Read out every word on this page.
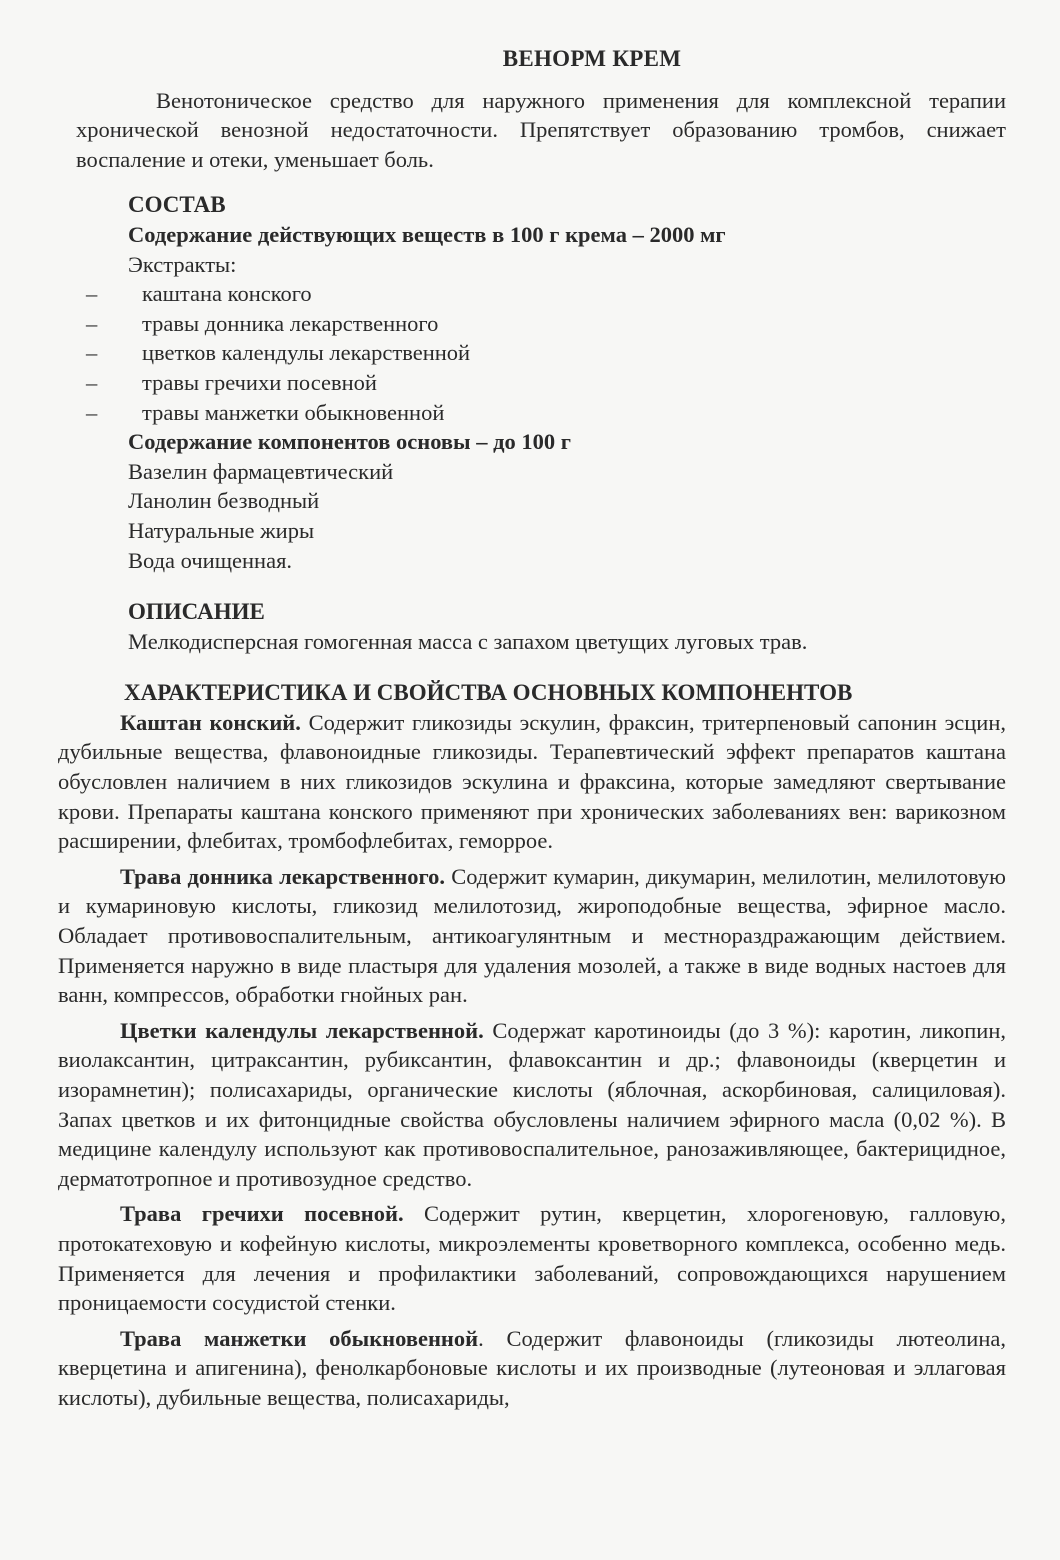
ВЕНОРМ КРЕМ

Венотоническое средство для наружного применения для комплексной терапии хронической венозной недостаточности. Препятствует образованию тромбов, снижает воспаление и отеки, уменьшает боль.

СОСТАВ

Содержание действующих веществ в 100 г крема – 2000 мг

Экстракты:

–	каштана конского
–	травы донника лекарственного
–	цветков календулы лекарственной
–	травы гречихи посевной
–	травы манжетки обыкновенной

Содержание компонентов основы – до 100 г

Вазелин фармацевтический

Ланолин безводный

Натуральные жиры

Вода очищенная.

ОПИСАНИЕ

Мелкодисперсная гомогенная масса с запахом цветущих луговых трав.

ХАРАКТЕРИСТИКА И СВОЙСТВА ОСНОВНЫХ КОМПОНЕНТОВ

Каштан конский. Содержит гликозиды эскулин, фраксин, тритерпеновый сапонин эсцин, дубильные вещества, флавоноидные гликозиды. Терапевтический эффект препаратов каштана обусловлен наличием в них гликозидов эскулина и фраксина, которые замедляют свертывание крови. Препараты каштана конского применяют при хронических заболеваниях вен: варикозном расширении, флебитах, тромбофлебитах, геморрое.

Трава донника лекарственного. Содержит кумарин, дикумарин, мелилотин, мелилотовую и кумариновую кислоты, гликозид мелилотозид, жироподобные вещества, эфирное масло. Обладает противовоспалительным, антикоагулянтным и местнораздражающим действием. Применяется наружно в виде пластыря для удаления мозолей, а также в виде водных настоев для ванн, компрессов, обработки гнойных ран.

Цветки календулы лекарственной. Содержат каротиноиды (до 3 %): каротин, ликопин, виолаксантин, цитраксантин, рубиксантин, флавоксантин и др.; флавоноиды (кверцетин и изорамнетин); полисахариды, органические кислоты (яблочная, аскорбиновая, салициловая). Запах цветков и их фитонцидные свойства обусловлены наличием эфирного масла (0,02 %). В медицине календулу используют как противовоспалительное, ранозаживляющее, бактерицидное, дерматотропное и противозудное средство.

Трава гречихи посевной. Содержит рутин, кверцетин, хлорогеновую, галловую, протокатеховую и кофейную кислоты, микроэлементы кроветворного комплекса, особенно медь. Применяется для лечения и профилактики заболеваний, сопровождающихся нарушением проницаемости сосудистой стенки.

Трава манжетки обыкновенной. Содержит флавоноиды (гликозиды лютеолина, кверцетина и апигенина), фенолкарбоновые кислоты и их производные (лутеоновая и эллаговая кислоты), дубильные вещества, полисахариды,
